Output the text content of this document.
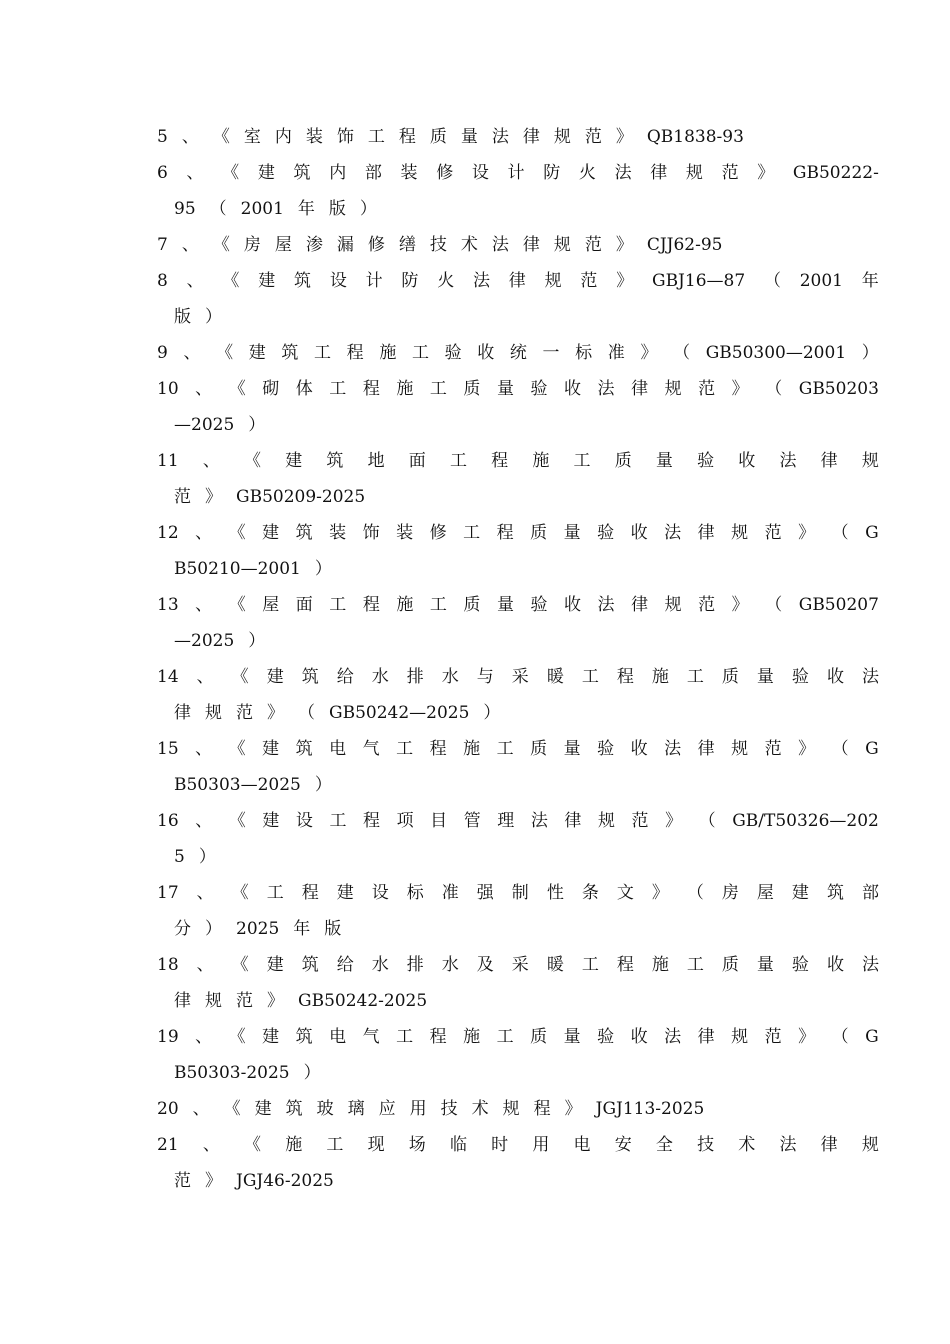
5 、 《 室 内 装 饰 工 程 质 量 法 律 规 范 》 QB1838-93
6 、 《 建 筑 内 部 装 修 设 计 防 火 法 律 规 范 》 GB50222-
95 （ 2001 年 版 ）
7 、 《 房 屋 渗 漏 修 缮 技 术 法 律 规 范 》 CJJ62-95
8 、 《 建 筑 设 计 防 火 法 律 规 范 》 GBJ16—87 （ 2001 年
版 ）
9 、 《 建 筑 工 程 施 工 验 收 统 一 标 准 》 （ GB50300—2001 ）
10 、 《 砌 体 工 程 施 工 质 量 验 收 法 律 规 范 》 （ GB50203
—2025 ）
11 、 《 建 筑 地 面 工 程 施 工 质 量 验 收 法 律 规
范 》 GB50209-2025
12 、 《 建 筑 装 饰 装 修 工 程 质 量 验 收 法 律 规 范 》 （ G
B50210—2001 ）
13 、 《 屋 面 工 程 施 工 质 量 验 收 法 律 规 范 》 （ GB50207
—2025 ）
14 、 《 建 筑 给 水 排 水 与 采 暖 工 程 施 工 质 量 验 收 法
律 规 范 》 （ GB50242—2025 ）
15 、 《 建 筑 电 气 工 程 施 工 质 量 验 收 法 律 规 范 》 （ G
B50303—2025 ）
16 、 《 建 设 工 程 项 目 管 理 法 律 规 范 》 （ GB/T50326—202
5 ）
17 、 《 工 程 建 设 标 准 强 制 性 条 文 》 （ 房 屋 建 筑 部
分 ） 2025 年 版
18 、 《 建 筑 给 水 排 水 及 采 暖 工 程 施 工 质 量 验 收 法
律 规 范 》 GB50242-2025
19 、 《 建 筑 电 气 工 程 施 工 质 量 验 收 法 律 规 范 》 （ G
B50303-2025 ）
20 、 《 建 筑 玻 璃 应 用 技 术 规 程 》 JGJ113-2025
21 、 《 施 工 现 场 临 时 用 电 安 全 技 术 法 律 规
范 》 JGJ46-2025
